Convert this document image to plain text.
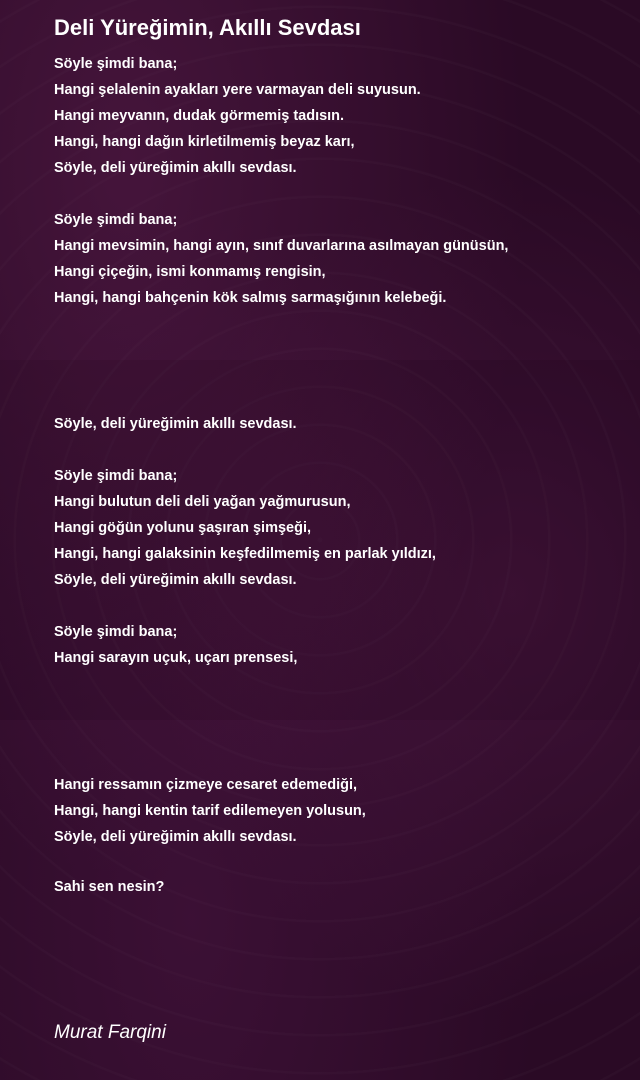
Deli Yüreğimin, Akıllı Sevdası
Söyle şimdi bana;
Hangi şelalenin ayakları yere varmayan deli suyusun.
Hangi meyvanın, dudak görmemiş tadısın.
Hangi, hangi dağın kirletilmemiş beyaz karı,
Söyle, deli yüreğimin akıllı sevdası.
Söyle şimdi bana;
Hangi mevsimin, hangi ayın, sınıf duvarlarına asılmayan günüsün,
Hangi çiçeğin, ismi konmamış rengisin,
Hangi, hangi bahçenin kök salmış sarmaşığının kelebeği.
Söyle, deli yüreğimin akıllı sevdası.
Söyle şimdi bana;
Hangi bulutun deli deli yağan yağmurusun,
Hangi göğün yolunu şaşıran şimşeği,
Hangi, hangi galaksinin keşfedilmemiş en parlak yıldızı,
Söyle, deli yüreğimin akıllı sevdası.
Söyle şimdi bana;
Hangi sarayın uçuk, uçarı prensesi,
Hangi ressamın çizmeye cesaret edemediği,
Hangi, hangi kentin tarif edilemeyen yolusun,
Söyle, deli yüreğimin akıllı sevdası.
Sahi sen nesin?
Murat Farqini
